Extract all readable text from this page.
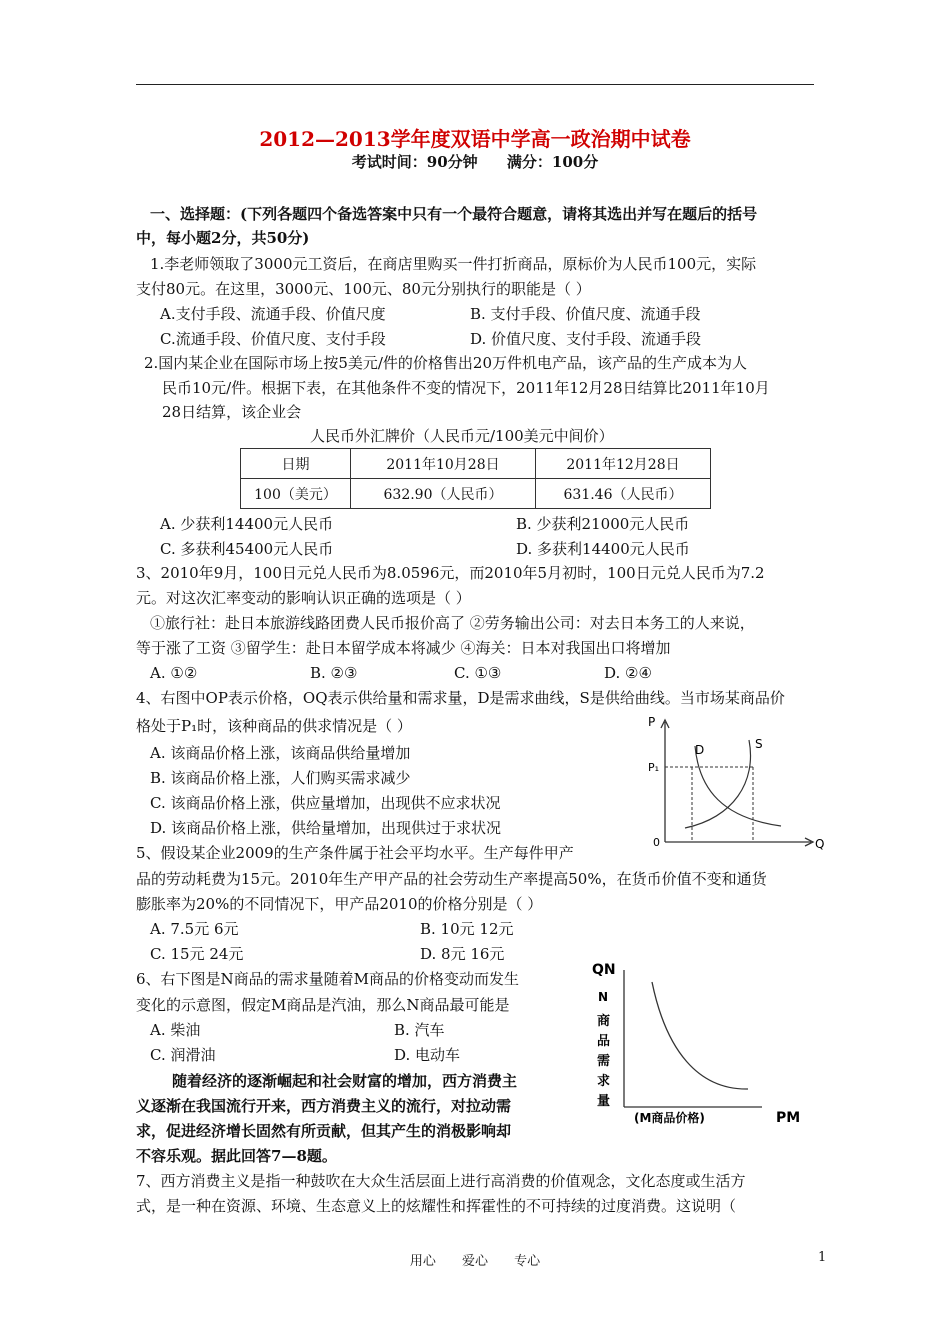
2012—2013学年度双语中学高一政治期中试卷
考试时间：90分钟 满分：100分
一、选择题：(下列各题四个备选答案中只有一个最符合题意，请将其选出并写在题后的括号
中，每小题2分，共50分)
1.李老师领取了3000元工资后，在商店里购买一件打折商品，原标价为人民币100元，实际
支付80元。在这里，3000元、100元、80元分别执行的职能是（ ）
A.支付手段、流通手段、价值尺度	B. 支付手段、价值尺度、流通手段
C.流通手段、价值尺度、支付手段	D. 价值尺度、支付手段、流通手段
2.国内某企业在国际市场上按5美元/件的价格售出20万件机电产品，该产品的生产成本为人
民币10元/件。根据下表，在其他条件不变的情况下，2011年12月28日结算比2011年10月
28日结算，该企业会
人民币外汇牌价（人民币元/100美元中间价）
日期	2011年10月28日	2011年12月28日
100（美元）	632.90（人民币）	631.46（人民币）
A. 少获利14400元人民币	B. 少获利21000元人民币
C. 多获利45400元人民币	D. 多获利14400元人民币
3、2010年9月，100日元兑人民币为8.0596元，而2010年5月初时，100日元兑人民币为7.2
元。对这次汇率变动的影响认识正确的选项是（ ）
①旅行社：赴日本旅游线路团费人民币报价高了 ②劳务输出公司：对去日本务工的人来说，
等于涨了工资 ③留学生：赴日本留学成本将减少 ④海关：日本对我国出口将增加
A. ①②	B. ②③	C. ①③	D. ②④
4、右图中OP表示价格，OQ表示供给量和需求量，D是需求曲线，S是供给曲线。当市场某商品价
格处于P₁时，该种商品的供求情况是（ ）
A. 该商品价格上涨，该商品供给量增加
B. 该商品价格上涨，人们购买需求减少
C. 该商品价格上涨，供应量增加，出现供不应求状况
D. 该商品价格上涨，供给量增加，出现供过于求状况
P
P₁
0	Q
D	S
5、假设某企业2009的生产条件属于社会平均水平。生产每件甲产
品的劳动耗费为15元。2010年生产甲产品的社会劳动生产率提高50%，在货币价值不变和通货
膨胀率为20%的不同情况下，甲产品2010的价格分别是（ ）
A. 7.5元 6元	B. 10元 12元
C. 15元 24元	D. 8元 16元
6、右下图是N商品的需求量随着M商品的价格变动而发生
变化的示意图，假定M商品是汽油，那么N商品最可能是
A. 柴油	B. 汽车
C. 润滑油	D. 电动车
QN
N
商
品
需
求
量
(M商品价格)	PM
随着经济的逐渐崛起和社会财富的增加，西方消费主
义逐渐在我国流行开来，西方消费主义的流行，对拉动需
求，促进经济增长固然有所贡献，但其产生的消极影响却
不容乐观。据此回答7—8题。
7、西方消费主义是指一种鼓吹在大众生活层面上进行高消费的价值观念，文化态度或生活方
式，是一种在资源、环境、生态意义上的炫耀性和挥霍性的不可持续的过度消费。这说明（
用心 爱心 专心	1
